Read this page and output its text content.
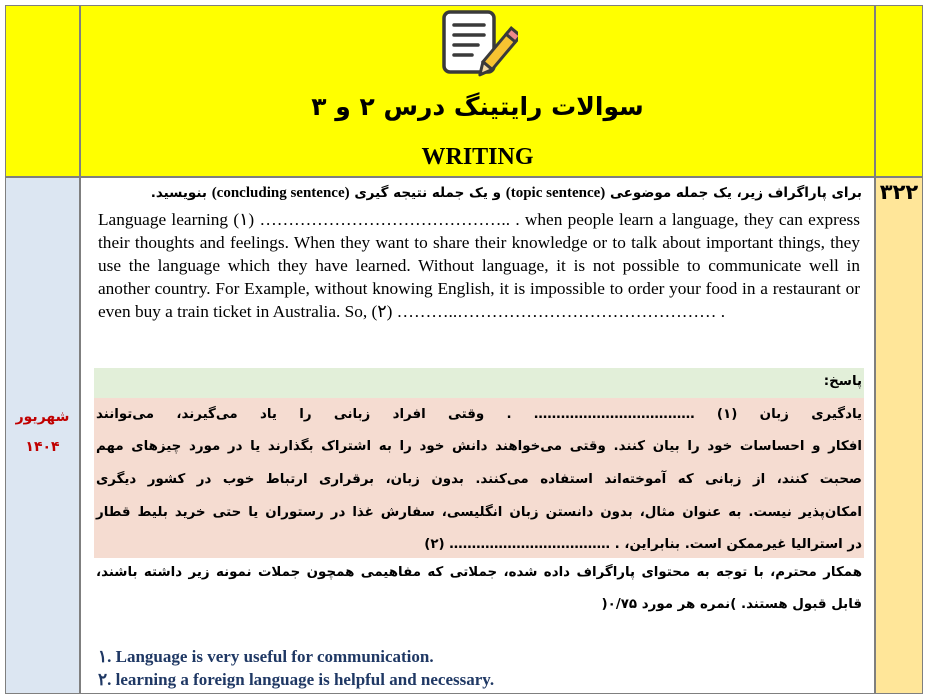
سوالات رایتینگ درس ۲ و ۳
WRITING
۳۲۲
شهریور
۱۴۰۴
برای پاراگراف زیر، یک جمله موضوعی (topic sentence) و یک جمله نتیجه گیری (concluding sentence) بنویسید.

Language learning (۱) …………………………………….. . when people learn a language, they can express their thoughts and feelings. When they want to share their knowledge or to talk about important things, they use the language which they have learned. Without language, it is not possible to communicate well in another country. For Example, without knowing English, it is impossible to order your food in a restaurant or even buy a train ticket in Australia. So, (۲) ………..……………………………………… .

پاسخ:
یادگیری زبان (۱) ……………………………… . وقتی افراد زبانی را یاد می‌گیرند، می‌توانند
افکار و احساسات خود را بیان کنند. وقتی می‌خواهند دانش خود را به اشتراک بگذارند یا در مورد چیزهای مهم
صحبت کنند، از زبانی که آموخته‌اند استفاده می‌کنند. بدون زبان، برقراری ارتباط خوب در کشور دیگری
امکان‌پذیر نیست. به عنوان مثال، بدون دانستن زبان انگلیسی، سفارش غذا در رستوران یا حتی خرید بلیط قطار
در استرالیا غیرممکن است. بنابراین، . ……………………………… (۲)
همکار محترم، با توجه به محتوای پاراگراف داده شده، جملاتی که مفاهیمی همچون جملات نمونه زیر داشته باشند،
قابل قبول هستند. )نمره هر مورد ۰/۷۵(
۱. Language is very useful for communication.
۲. learning a foreign language is helpful and necessary.
